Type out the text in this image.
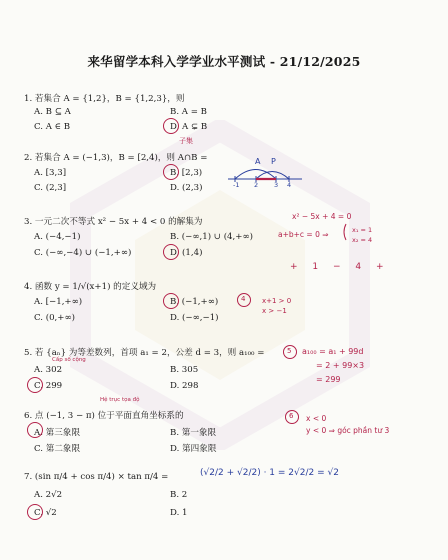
来华留学本科入学学业水平测试 - 21/12/2025
1. 若集合 A = {1,2}，B = {1,2,3}，则
A. B ⊆ A	B. A = B
C. A ∈ B	D. A ⊊ B
2. 若集合 A = (−1,3)，B = [2,4)，则 A∩B =
子集
A. [3,3]	B. [2,3)
C. (2,3]	D. (2,3)
A P
-1 2 3 4
3. 一元二次不等式 x² − 5x + 4 < 0 的解集为
A. (−4,−1)	B. (−∞,1) ∪ (4,+∞)
C. (−∞,−4) ∪ (−1,+∞)	D. (1,4)
x² − 5x + 4 = 0
a+b+c = 0 ⇒	x₁ = 1
x₂ = 4
+ 1 − 4 +
4. 函数 y = 1/√(x+1) 的定义域为
A. [−1,+∞)	B. (−1,+∞)
C. (0,+∞)	D. (−∞,−1)
4 x+1 > 0
x > −1
5. 若 {aₙ} 为等差数列，首项 a₁ = 2，公差 d = 3，则 a₁₀₀ =
Cấp số cộng
A. 302	B. 305
C. 299	D. 298
5 a₁₀₀ = a₁ + 99d
= 2 + 99×3
= 299
Hệ trục tọa độ
6. 点 (−1, 3 − π) 位于平面直角坐标系的
A. 第三象限	B. 第一象限
C. 第二象限	D. 第四象限
6 x < 0
y < 0 ⇒ góc phần tư 3
7. (sin π/4 + cos π/4) × tan π/4 =
A. 2√2	B. 2
C. √2	D. 1
(√2/2 + √2/2) · 1 = 2√2/2 = √2
